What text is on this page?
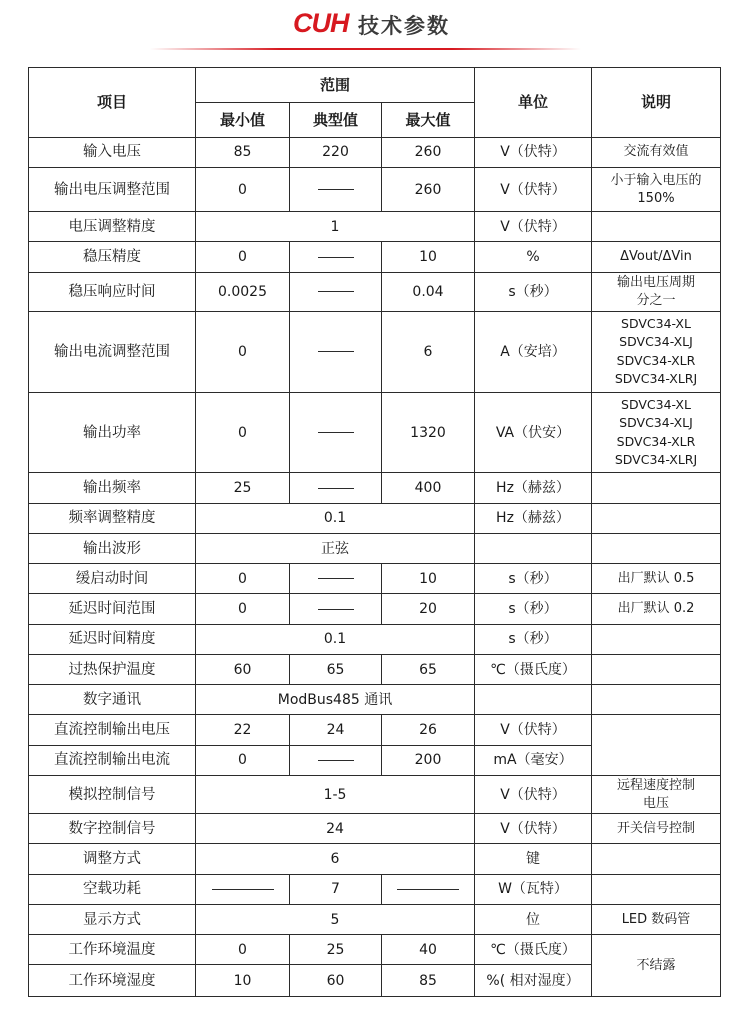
CUH 技术参数
项目	范围			单位	说明
	最小值	典型值	最大值		
输入电压	85	220	260	V（伏特）	交流有效值
输出电压调整范围	0		260	V（伏特）	小于输入电压的
150%

电压调整精度	1			V（伏特）	
稳压精度	0		10	%	ΔVout/ΔVin
稳压响应时间	0.0025		0.04	s（秒）	输出电压周期
分之一

输出电流调整范围	0		6	A（安培）	SDVC34-XL
SDVC34-XLJ
SDVC34-XLR
SDVC34-XLRJ

输出功率	0		1320	VA（伏安）	SDVC34-XL
SDVC34-XLJ
SDVC34-XLR
SDVC34-XLRJ

输出频率	25		400	Hz（赫兹）	
频率调整精度	0.1			Hz（赫兹）	
输出波形	正弦				
缓启动时间	0		10	s（秒）	出厂默认 0.5
延迟时间范围	0		20	s（秒）	出厂默认 0.2
延迟时间精度	0.1			s（秒）	
过热保护温度	60	65	65	℃（摄氏度）	
数字通讯	ModBus485 通讯				
直流控制输出电压	22	24	26	V（伏特）	
直流控制输出电流	0		200	mA（毫安）	
模拟控制信号	1-5			V（伏特）	远程速度控制
电压

数字控制信号	24			V（伏特）	开关信号控制
调整方式	6			键	
空载功耗		7		W（瓦特）	
显示方式	5			位	LED 数码管
工作环境温度	0	25	40	℃（摄氏度）	不结露
工作环境湿度	10	60	85	%( 相对湿度）	
